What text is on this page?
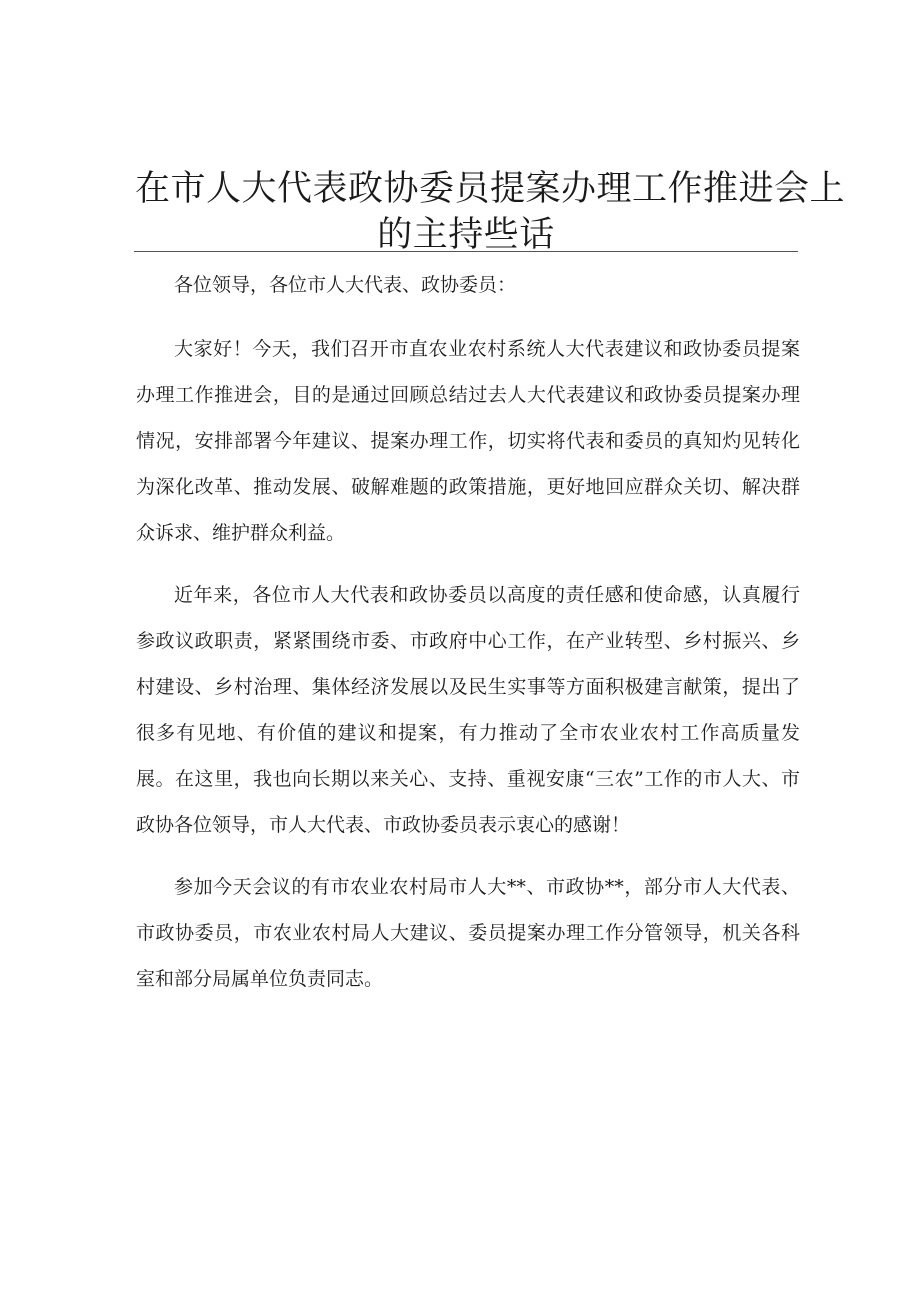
在市人大代表政协委员提案办理工作推进会上
的主持些话

各位领导，各位市人大代表、政协委员：

大家好！今天，我们召开市直农业农村系统人大代表建议和政协委员提案办理工作推进会，目的是通过回顾总结过去人大代表建议和政协委员提案办理情况，安排部署今年建议、提案办理工作，切实将代表和委员的真知灼见转化为深化改革、推动发展、破解难题的政策措施，更好地回应群众关切、解决群众诉求、维护群众利益。

近年来，各位市人大代表和政协委员以高度的责任感和使命感，认真履行参政议政职责，紧紧围绕市委、市政府中心工作，在产业转型、乡村振兴、乡村建设、乡村治理、集体经济发展以及民生实事等方面积极建言献策，提出了很多有见地、有价值的建议和提案，有力推动了全市农业农村工作高质量发展。在这里，我也向长期以来关心、支持、重视安康“三农”工作的市人大、市政协各位领导，市人大代表、市政协委员表示衷心的感谢！

参加今天会议的有市农业农村局市人大**、市政协**，部分市人大代表、市政协委员，市农业农村局人大建议、委员提案办理工作分管领导，机关各科室和部分局属单位负责同志。
